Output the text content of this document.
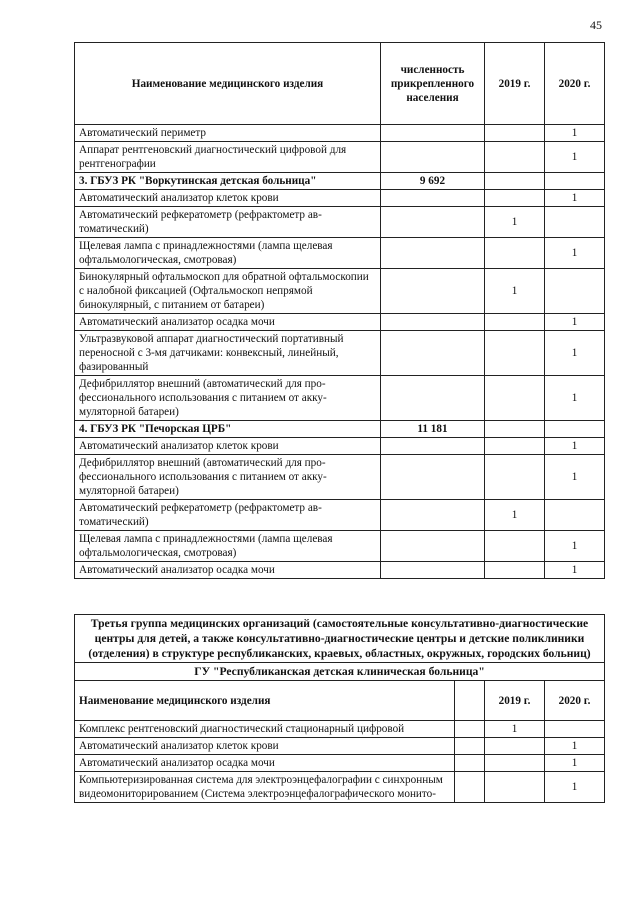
45
Наименование медицинского изделия	численность прикрепленного населения	2019 г.	2020 г.
Автоматический периметр			1
Аппарат рентгеновский диагностический цифровой для рентгенографии			1
3. ГБУЗ РК "Воркутинская детская больница"	9 692		
Автоматический анализатор клеток крови			1
Автоматический рефкератометр (рефрактометр автоматический)		1	
Щелевая лампа с принадлежностями (лампа щелевая офтальмологическая, смотровая)			1
Бинокулярный офтальмоскоп для обратной офтальмоскопии с налобной фиксацией (Офтальмоскоп непрямой бинокулярный, с питанием от батареи)		1	
Автоматический анализатор осадка мочи			1
Ультразвуковой аппарат диагностический портативный переносной с 3-мя датчиками: конвексный, линейный, фазированный			1
Дефибриллятор внешний (автоматический для профессионального использования с питанием от аккумуляторной батареи)			1
4. ГБУЗ РК "Печорская ЦРБ"	11 181		
Автоматический анализатор клеток крови			1
Дефибриллятор внешний (автоматический для профессионального использования с питанием от аккумуляторной батареи)			1
Автоматический рефкератометр (рефрактометр автоматический)		1	
Щелевая лампа с принадлежностями (лампа щелевая офтальмологическая, смотровая)			1
Автоматический анализатор осадка мочи			1
Третья группа медицинских организаций (самостоятельные консультативно-диагностические центры для детей, а также консультативно-диагностические центры и детские поликлиники (отделения) в структуре республиканских, краевых, областных, окружных, городских больниц)			
ГУ "Республиканская детская клиническая больница"			
Наименование медицинского изделия		2019 г.	2020 г.
Комплекс рентгеновский диагностический стационарный цифровой		1	
Автоматический анализатор клеток крови			1
Автоматический анализатор осадка мочи			1
Компьютеризированная система для электроэнцефалографии с синхронным видеомониторированием (Система электроэнцефалографического монито-			1
